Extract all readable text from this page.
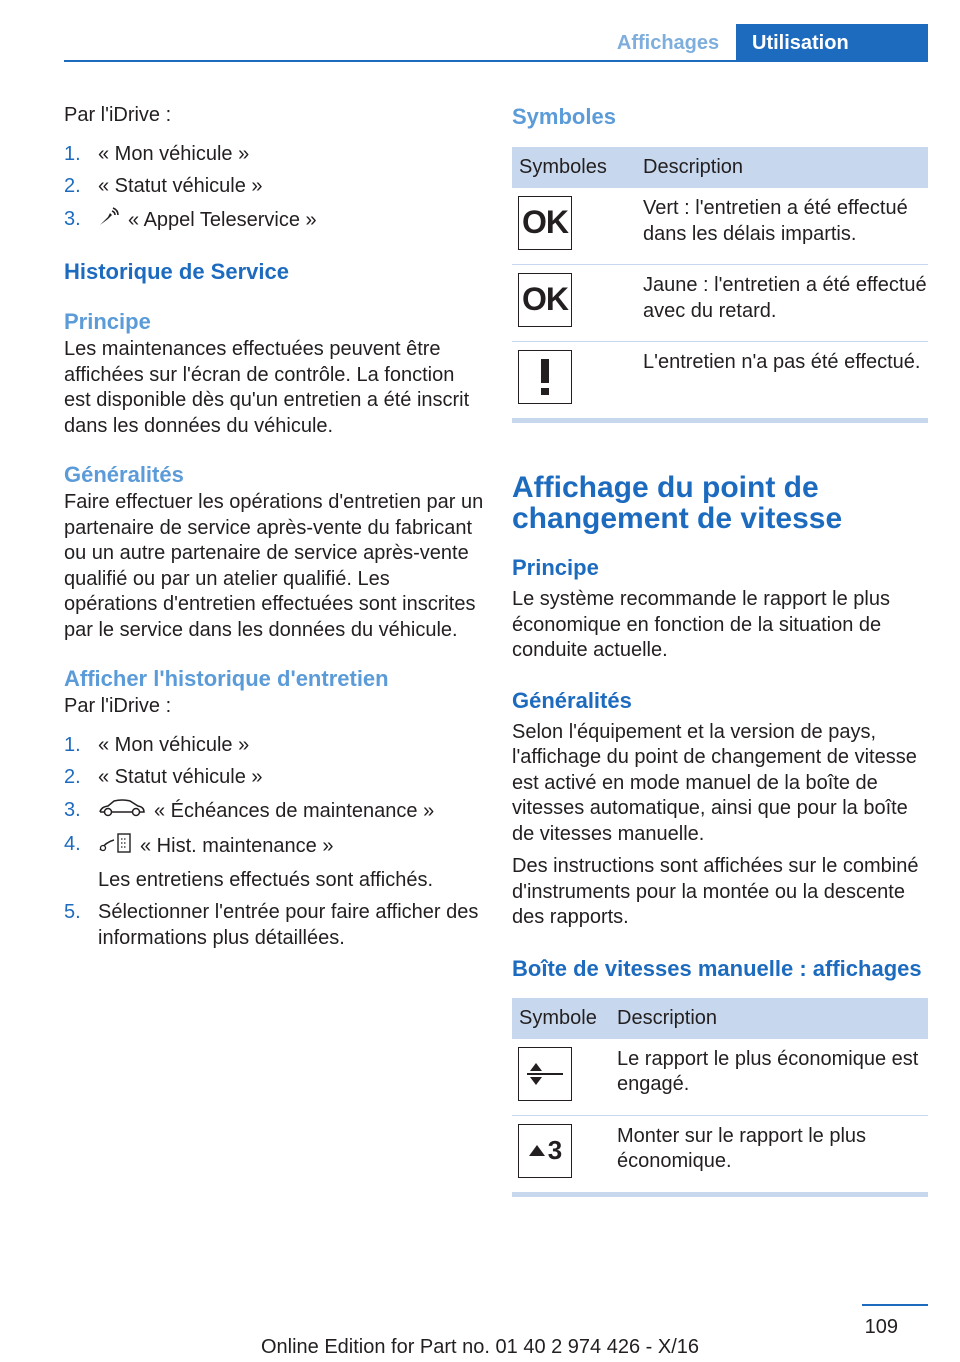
Affichages	Utilisation

Par l'iDrive :

1. « Mon véhicule »
2. « Statut véhicule »
3. « Appel Teleservice »
Historique de Service
Principe

Les maintenances effectuées peuvent être affichées sur l'écran de contrôle. La fonction est disponible dès qu'un entretien a été inscrit dans les données du véhicule.

Généralités

Faire effectuer les opérations d'entretien par un partenaire de service après-vente du fabricant ou un autre partenaire de service après-vente qualifié ou par un atelier qualifié. Les opérations d'entretien effectuées sont inscrites par le service dans les données du véhicule.

Afficher l'historique d'entretien

Par l'iDrive :

1. « Mon véhicule »
2. « Statut véhicule »
3.	« Échéances de maintenance »
4.	« Hist. maintenance »
Les entretiens effectués sont affichés.
5. Sélectionner l'entrée pour faire afficher des informations plus détaillées.
Symboles
Symboles	Description

OK	Vert : l'entretien a été effectué dans les délais impartis.

OK	Jaune : l'entretien a été effectué avec du retard.

	L'entretien n'a pas été effectué.
Affichage du point de changement de vitesse
Principe

Le système recommande le rapport le plus économique en fonction de la situation de conduite actuelle.

Généralités

Selon l'équipement et la version de pays, l'affichage du point de changement de vitesse est activé en mode manuel de la boîte de vitesses automatique, ainsi que pour la boîte de vitesses manuelle.

Des instructions sont affichées sur le combiné d'instruments pour la montée ou la descente des rapports.

Boîte de vitesses manuelle : affichages
Symbole	Description

	Le rapport le plus économique est engagé.

3	Monter sur le rapport le plus économique.
109
Online Edition for Part no. 01 40 2 974 426 - X/16
